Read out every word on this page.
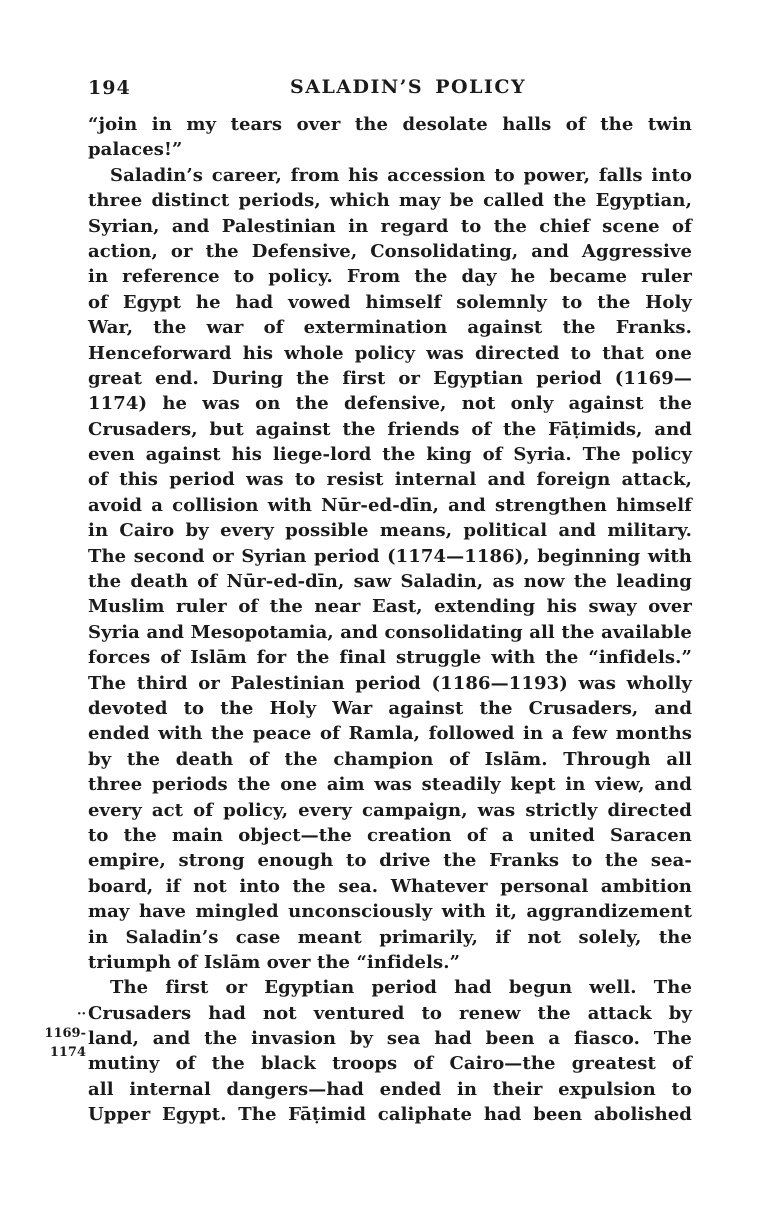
194	SALADIN’S POLICY
··
1169-
1174
“join in my tears over the desolate halls of the twin
palaces!”
Saladin’s career, from his accession to power, falls into
three distinct periods, which may be called the Egyptian,
Syrian, and Palestinian in regard to the chief scene of
action, or the Defensive, Consolidating, and Aggressive
in reference to policy. From the day he became ruler
of Egypt he had vowed himself solemnly to the Holy
War, the war of extermination against the Franks.
Henceforward his whole policy was directed to that one
great end. During the first or Egyptian period (1169—
1174) he was on the defensive, not only against the
Crusaders, but against the friends of the Fāṭimids, and
even against his liege-lord the king of Syria. The policy
of this period was to resist internal and foreign attack,
avoid a collision with Nūr-ed-dīn, and strengthen himself
in Cairo by every possible means, political and military.
The second or Syrian period (1174—1186), beginning with
the death of Nūr-ed-dīn, saw Saladin, as now the leading
Muslim ruler of the near East, extending his sway over
Syria and Mesopotamia, and consolidating all the available
forces of Islām for the final struggle with the “infidels.”
The third or Palestinian period (1186—1193) was wholly
devoted to the Holy War against the Crusaders, and
ended with the peace of Ramla, followed in a few months
by the death of the champion of Islām. Through all
three periods the one aim was steadily kept in view, and
every act of policy, every campaign, was strictly directed
to the main object—the creation of a united Saracen
empire, strong enough to drive the Franks to the sea-
board, if not into the sea. Whatever personal ambition
may have mingled unconsciously with it, aggrandizement
in Saladin’s case meant primarily, if not solely, the
triumph of Islām over the “infidels.”
The first or Egyptian period had begun well. The
Crusaders had not ventured to renew the attack by
land, and the invasion by sea had been a fiasco. The
mutiny of the black troops of Cairo—the greatest of
all internal dangers—had ended in their expulsion to
Upper Egypt. The Fāṭimid caliphate had been abolished
